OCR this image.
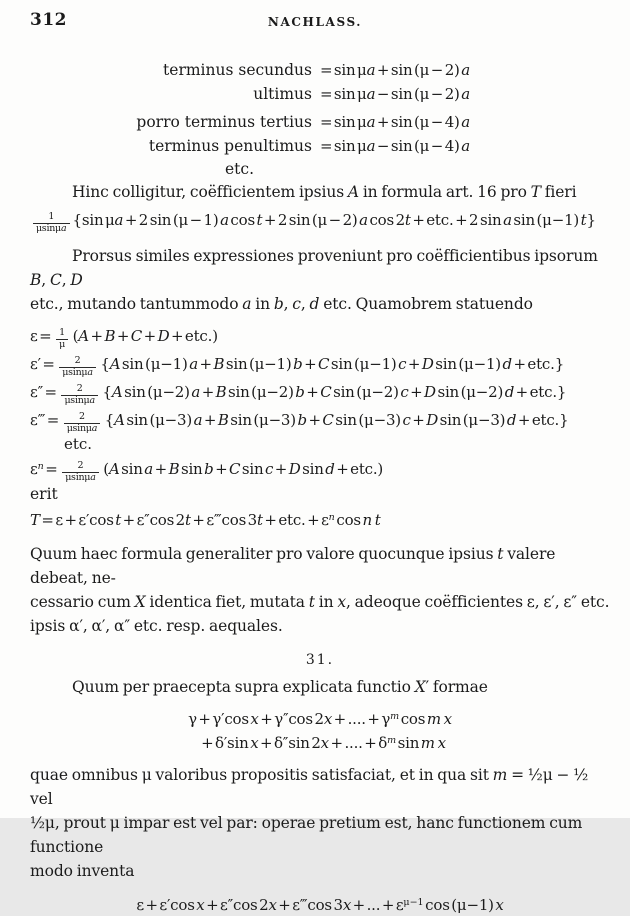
312	NACHLASS.
terminus secundus = sin μa + sin (μ − 2) a
ultimus = sin μa − sin (μ − 2) a
porro terminus tertius = sin μa + sin (μ − 4) a
terminus penultimus = sin μa − sin (μ − 4) a
etc.
Hinc colligitur, coëfficientem ipsius A in formula art. 16 pro T fieri
$\frac{1}{\text{μ sin μa}} \{\sin$ μa + 2 sin (μ − 1) a cos t + 2 sin (μ − 2) a cos 2t + etc. + 2 sin a sin (μ−1) t}
Prorsus similes expressiones proveniunt pro coëfficientibus ipsorum B, C, D
etc., mutando tantummodo a in b, c, d etc. Quamobrem statuendo
$\varepsilon = \frac{1}{\mu} (A + B + C + D + etc.)$
$\varepsilon' = \frac{2}{\text{μ sin μa}} \{A$ sin (μ−1) a + B sin (μ−1) b + C sin (μ−1) c + D sin (μ−1) d + etc.}
$\varepsilon'' = \frac{2}{\text{μ sin μa}} \{A$ sin (μ−2) a + B sin (μ−2) b + C sin (μ−2) c + D sin (μ−2) d + etc.}
ε‴ = $\frac{2}{\text{μ sin μa}} \{A$ sin (μ−3) a + B sin (μ−3) b + C sin (μ−3) c + D sin (μ−3) d + etc.}
etc.
$\varepsilon^n = \frac{2}{\text{μ sin μa}} (A$ sin a + B sin b + C sin c + D sin d + etc.)
erit
T = ε + ε′cos t + ε″cos 2t + ε‴cos 3t + etc. + $\varepsilon^n$ cos n  t
Quum haec formula generaliter pro valore quocunque ipsius t valere debeat, ne-
cessario cum X identica fiet, mutata t in x, adeoque coëfficientes ε, ε′, ε″ etc.
ipsis α′, α′, α″ etc. resp. aequales.
31.
Quum per praecepta supra explicata functio X′ formae
γ + γ′cos x + γ″cos 2x + .... + $\gamma^m$ cos m  x
+ δ′sin x + δ″sin 2x + .... + $\delta^m$ sin m  x
quae omnibus μ valoribus propositis satisfaciat, et in qua sit m = ½μ − ½ vel
½μ, prout μ impar est vel par: operae pretium est, hanc functionem cum functione
modo inventa
ε + ε′cos x + ε″cos 2x + ε‴cos 3x + ... + $\varepsilon^{\mu-1}$ cos (μ−1) x
